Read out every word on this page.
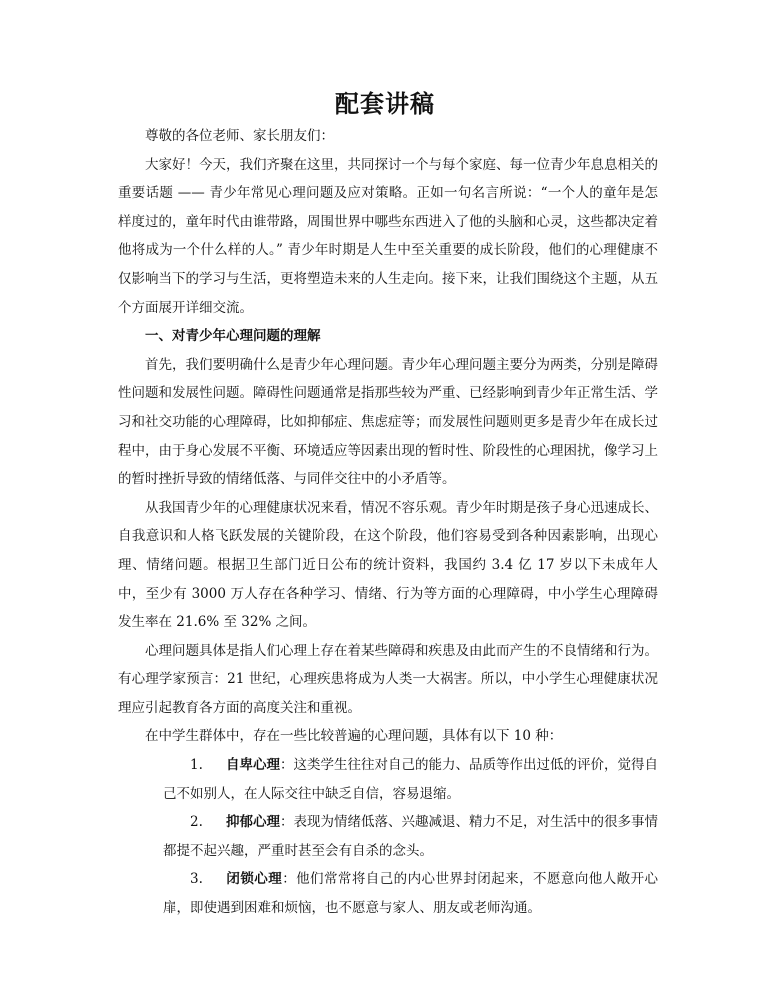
配套讲稿

尊敬的各位老师、家长朋友们：

大家好！今天，我们齐聚在这里，共同探讨一个与每个家庭、每一位青少年息息相关的重要话题 —— 青少年常见心理问题及应对策略。正如一句名言所说：“一个人的童年是怎样度过的，童年时代由谁带路，周围世界中哪些东西进入了他的头脑和心灵，这些都决定着他将成为一个什么样的人。” 青少年时期是人生中至关重要的成长阶段，他们的心理健康不仅影响当下的学习与生活，更将塑造未来的人生走向。接下来，让我们围绕这个主题，从五个方面展开详细交流。

一、对青少年心理问题的理解

首先，我们要明确什么是青少年心理问题。青少年心理问题主要分为两类，分别是障碍性问题和发展性问题。障碍性问题通常是指那些较为严重、已经影响到青少年正常生活、学习和社交功能的心理障碍，比如抑郁症、焦虑症等；而发展性问题则更多是青少年在成长过程中，由于身心发展不平衡、环境适应等因素出现的暂时性、阶段性的心理困扰，像学习上的暂时挫折导致的情绪低落、与同伴交往中的小矛盾等。

从我国青少年的心理健康状况来看，情况不容乐观。青少年时期是孩子身心迅速成长、自我意识和人格飞跃发展的关键阶段，在这个阶段，他们容易受到各种因素影响，出现心理、情绪问题。根据卫生部门近日公布的统计资料，我国约 3.4 亿 17 岁以下未成年人中，至少有 3000 万人存在各种学习、情绪、行为等方面的心理障碍，中小学生心理障碍发生率在 21.6% 至 32% 之间。

心理问题具体是指人们心理上存在着某些障碍和疾患及由此而产生的不良情绪和行为。有心理学家预言：21 世纪，心理疾患将成为人类一大祸害。所以，中小学生心理健康状况理应引起教育各方面的高度关注和重视。

在中学生群体中，存在一些比较普遍的心理问题，具体有以下 10 种：

1. 自卑心理：这类学生往往对自己的能力、品质等作出过低的评价，觉得自己不如别人，在人际交往中缺乏自信，容易退缩。

2. 抑郁心理：表现为情绪低落、兴趣减退、精力不足，对生活中的很多事情都提不起兴趣，严重时甚至会有自杀的念头。

3. 闭锁心理：他们常常将自己的内心世界封闭起来，不愿意向他人敞开心扉，即使遇到困难和烦恼，也不愿意与家人、朋友或老师沟通。
